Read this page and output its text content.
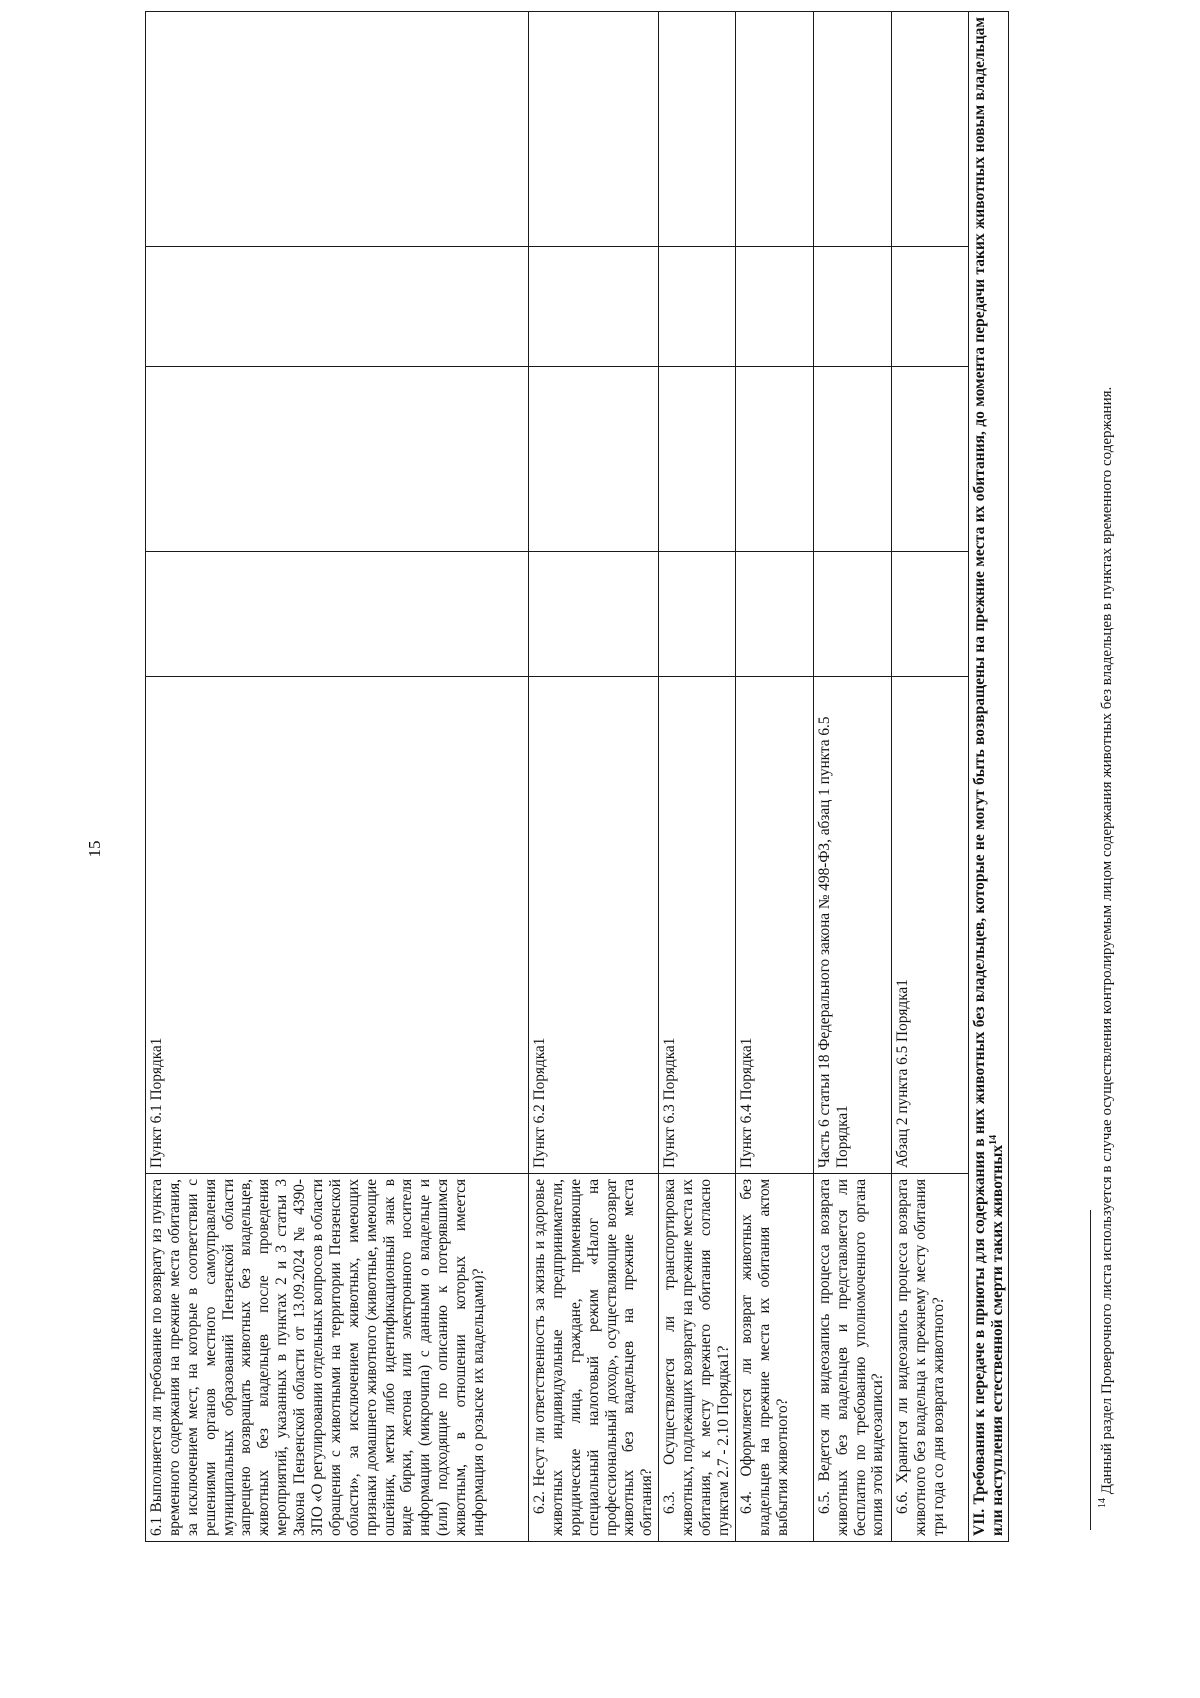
15
6.1 Выполняется ли требование по возврату из пункта временного содержания на прежние места обитания, за исключением мест, на которые в соответствии с решениями органов местного самоуправления муниципальных образований Пензенской области запрещено возвращать животных без владельцев, животных без владельцев после проведения мероприятий, указанных в пунктах 2 и 3 статьи 3 Закона Пензенской области от 13.09.2024 № 4390-ЗПО «О регулировании отдельных вопросов в области обращения с животными на территории Пензенской области», за исключением животных, имеющих признаки домашнего животного (животные, имеющие ошейник, метки либо идентификационный знак в виде бирки, жетона или электронного носителя информации (микрочипа) с данными о владельце и (или) подходящие по описанию к потерявшимся животным, в отношении которых имеется информация о розыске их владельцами)?	Пункт 6.1 Порядка1				
6.2. Несут ли ответственность за жизнь и здоровье животных индивидуальные предприниматели, юридические лица, граждане, применяющие специальный налоговый режим «Налог на профессиональный доход», осуществляющие возврат животных без владельцев на прежние места обитания?	Пункт 6.2 Порядка1				
6.3. Осуществляется ли транспортировка животных, подлежащих возврату на прежние места их обитания, к месту прежнего обитания согласно пунктам 2.7 - 2.10 Порядка1?	Пункт 6.3 Порядка1				
6.4. Оформляется ли возврат животных без владельцев на прежние места их обитания актом выбытия животного?	Пункт 6.4 Порядка1				
6.5. Ведется ли видеозапись процесса возврата животных без владельцев и представляется ли бесплатно по требованию уполномоченного органа копия этой видеозаписи?	Часть 6 статьи 18 Федерального закона № 498-ФЗ, абзац 1 пункта 6.5 Порядка1				
6.6. Хранится ли видеозапись процесса возврата животного без владельца к прежнему месту обитания три года со дня возврата животного?	Абзац 2 пункта 6.5 Порядка1				
VII. Требования к передаче в приюты для содержания в них животных без владельцев, которые не могут быть возвращены на прежние места их обитания, до момента передачи таких животных новым владельцам или наступления естественной смерти таких животных$^{14}$
$^{14}$ Данный раздел Проверочного листа используется в случае осуществления контролируемым лицом содержания животных без владельцев в пунктах временного содержания.
